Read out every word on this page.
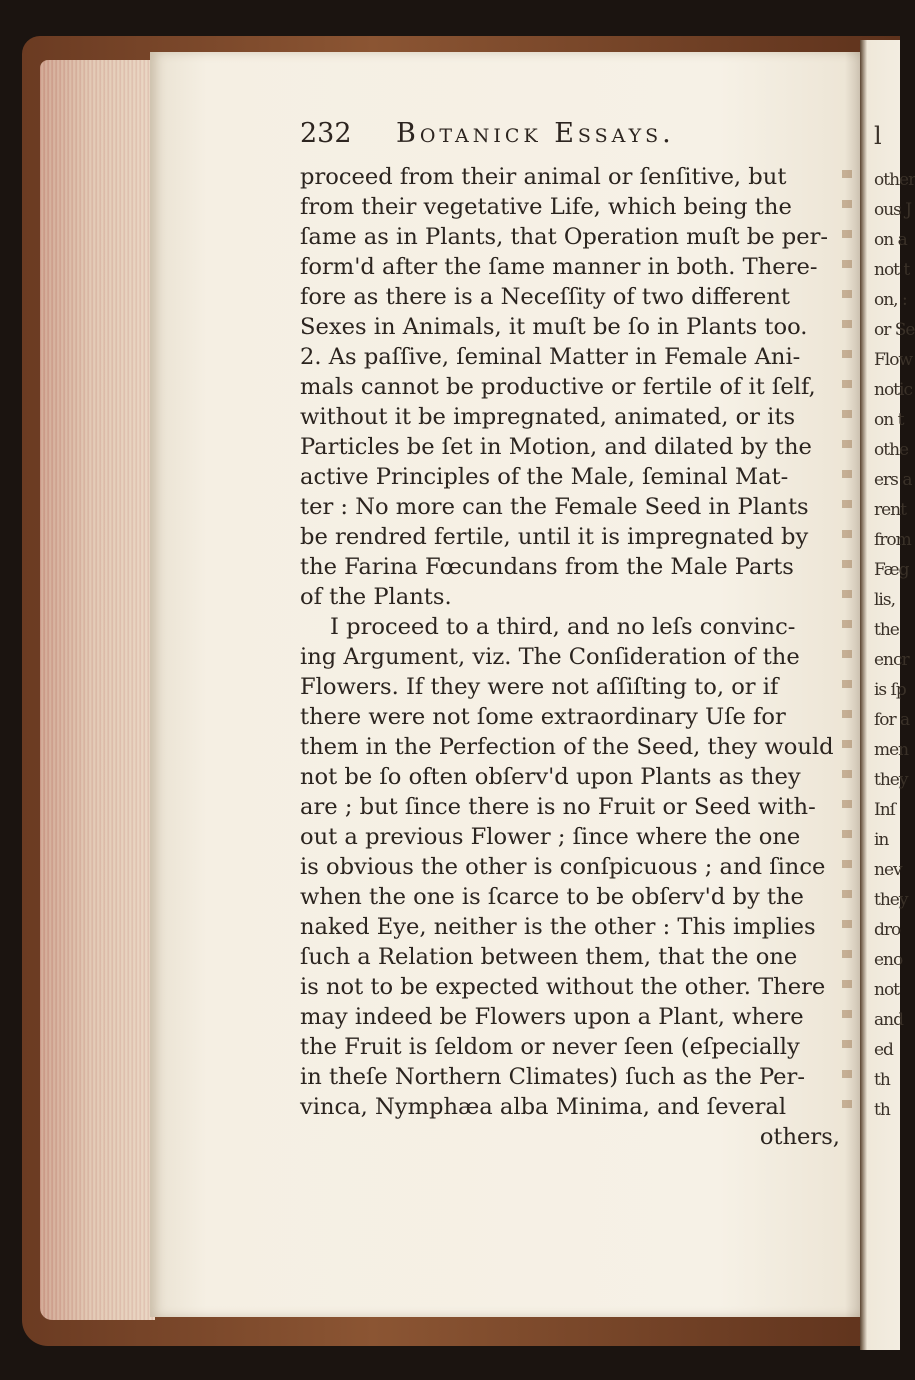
l
other
ous J
on a
not t
on, :
or Se
Flow
notic
on t
othe
ers a
rent
from
Fæg
lis,
the
encr
is ſp
for a
men
they
Inſ
in
nev
they
dro
eno
not
and
ed
th
th
232 Botanick Essays.
proceed from their animal or ſenſitive, but
from their vegetative Life, which being the
ſame as in Plants, that Operation muſt be per-
form'd after the ſame manner in both. There-
fore as there is a Neceſſity of two different
Sexes in Animals, it muſt be ſo in Plants too.
2. As paſſive, ſeminal Matter in Female Ani-
mals cannot be productive or fertile of it ſelf,
without it be impregnated, animated, or its
Particles be ſet in Motion, and dilated by the
active Principles of the Male, ſeminal Mat-
ter : No more can the Female Seed in Plants
be rendred fertile, until it is impregnated by
the Farina Fœcundans from the Male Parts
of the Plants.
I proceed to a third, and no leſs convinc-
ing Argument, viz. The Conſideration of the
Flowers. If they were not aſſiſting to, or if
there were not ſome extraordinary Uſe for
them in the Perfection of the Seed, they would
not be ſo often obſerv'd upon Plants as they
are ; but ſince there is no Fruit or Seed with-
out a previous Flower ; ſince where the one
is obvious the other is conſpicuous ; and ſince
when the one is ſcarce to be obſerv'd by the
naked Eye, neither is the other : This implies
ſuch a Relation between them, that the one
is not to be expected without the other. There
may indeed be Flowers upon a Plant, where
the Fruit is ſeldom or never ſeen (eſpecially
in theſe Northern Climates) ſuch as the Per-
vinca, Nymphæa alba Minima, and ſeveral
others,
